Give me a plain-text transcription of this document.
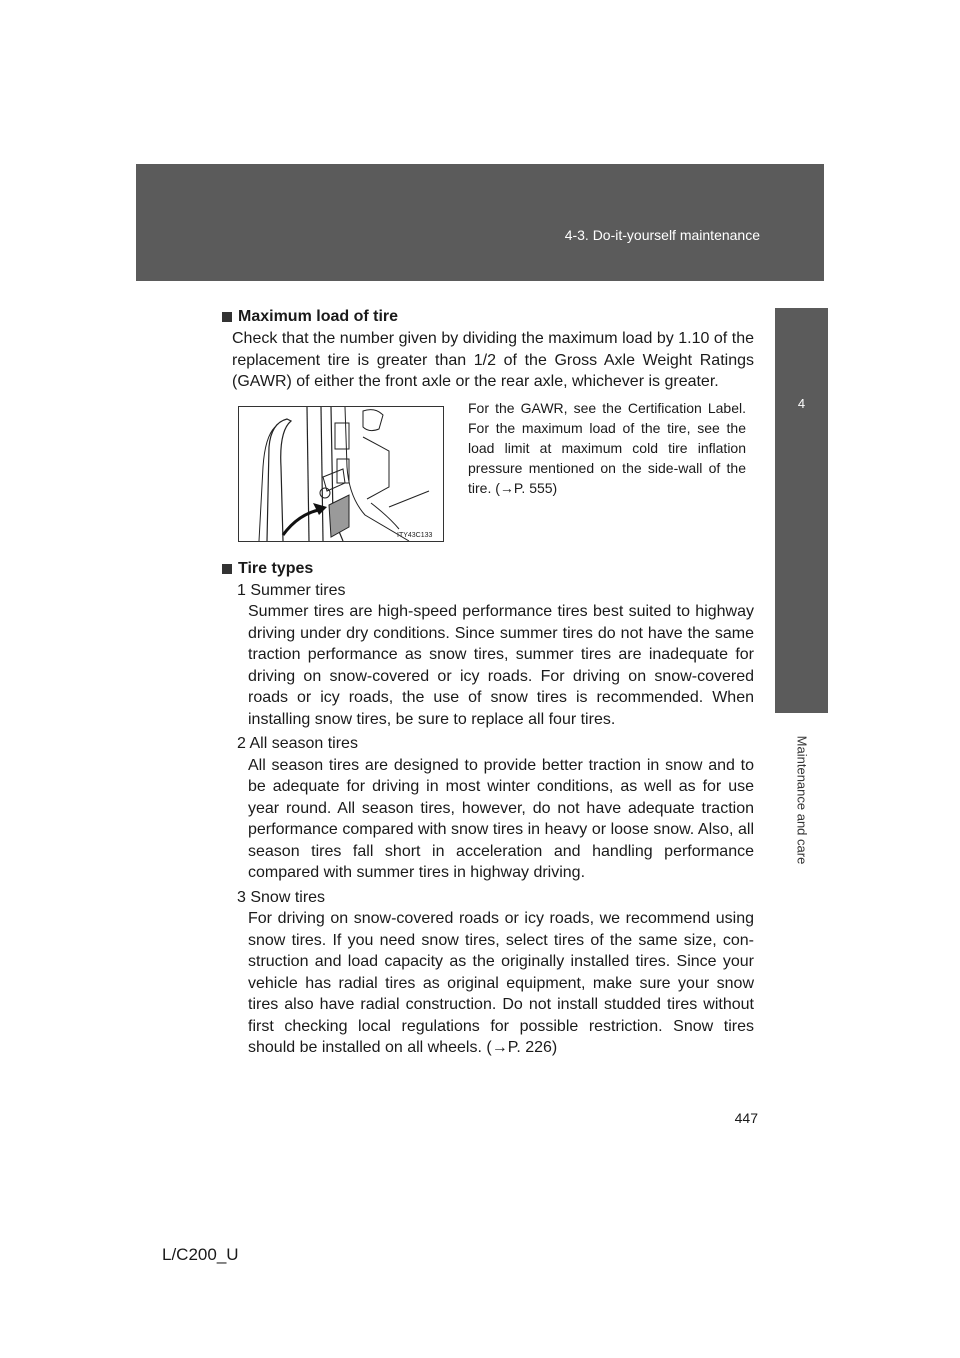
4-3. Do-it-yourself maintenance
4
Maintenance and care
Maximum load of tire
Check that the number given by dividing the maximum load by 1.10 of the replacement tire is greater than 1/2 of the Gross Axle Weight Ratings (GAWR) of either the front axle or the rear axle, whichever is greater.
ITY43C133
For the GAWR, see the Certification Label. For the maximum load of the tire, see the load limit at maximum cold tire inflation pressure mentioned on the side-wall of the tire. (→P. 555)
Tire types
1 Summer tires
Summer tires are high-speed performance tires best suited to highway driving under dry conditions. Since summer tires do not have the same traction performance as snow tires, summer tires are inadequate for driving on snow-covered or icy roads. For driving on snow-covered roads or icy roads, the use of snow tires is recommended. When installing snow tires, be sure to replace all four tires.
2 All season tires
All season tires are designed to provide better traction in snow and to be adequate for driving in most winter conditions, as well as for use year round. All season tires, however, do not have adequate traction performance compared with snow tires in heavy or loose snow. Also, all season tires fall short in acceleration and handling performance compared with summer tires in highway driving.
3 Snow tires
For driving on snow-covered roads or icy roads, we recommend using snow tires. If you need snow tires, select tires of the same size, con-struction and load capacity as the originally installed tires. Since your vehicle has radial tires as original equipment, make sure your snow tires also have radial construction. Do not install studded tires without first checking local regulations for possible restriction. Snow tires should be installed on all wheels. (→P. 226)
447
L/C200_U
